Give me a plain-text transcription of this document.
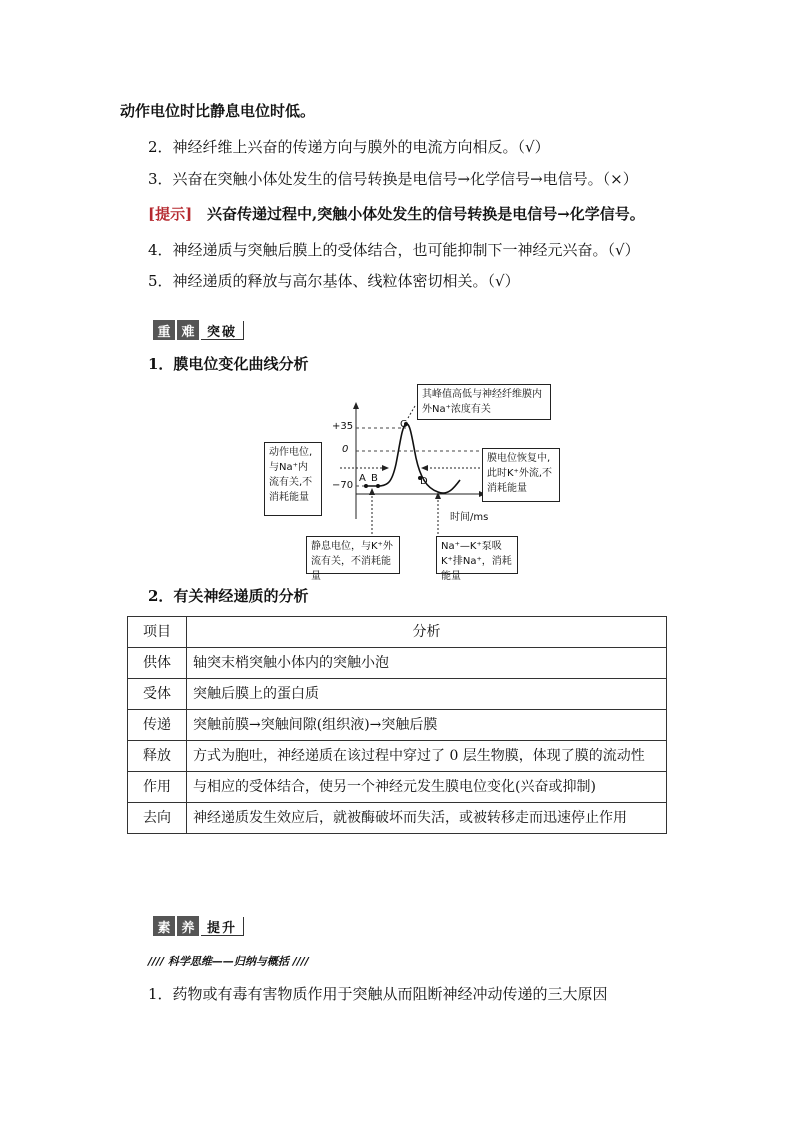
动作电位时比静息电位时低。
2．神经纤维上兴奋的传递方向与膜外的电流方向相反。（√）
3．兴奋在突触小体处发生的信号转换是电信号→化学信号→电信号。（×）
[提示] 兴奋传递过程中,突触小体处发生的信号转换是电信号→化学信号。
4．神经递质与突触后膜上的受体结合，也可能抑制下一神经元兴奋。（√）
5．神经递质的释放与高尔基体、线粒体密切相关。（√）
重 难 突破
1．膜电位变化曲线分析
+35
0
−70
时间/ms
A B
C
D
其峰值高低与神经纤维膜内外Na⁺浓度有关
动作电位,与Na⁺内流有关,不消耗能量
膜电位恢复中,此时K⁺外流,不消耗能量
静息电位，与K⁺外流有关，不消耗能量
Na⁺—K⁺泵吸K⁺排Na⁺，消耗能量
2．有关神经递质的分析
项目	分析
供体	轴突末梢突触小体内的突触小泡
受体	突触后膜上的蛋白质
传递	突触前膜→突触间隙(组织液)→突触后膜
释放	方式为胞吐，神经递质在该过程中穿过了 0 层生物膜，体现了膜的流动性
作用	与相应的受体结合，使另一个神经元发生膜电位变化(兴奋或抑制)
去向	神经递质发生效应后，就被酶破坏而失活，或被转移走而迅速停止作用
素 养 提升
//// 科学思维——归纳与概括 ////
1．药物或有毒有害物质作用于突触从而阻断神经冲动传递的三大原因
